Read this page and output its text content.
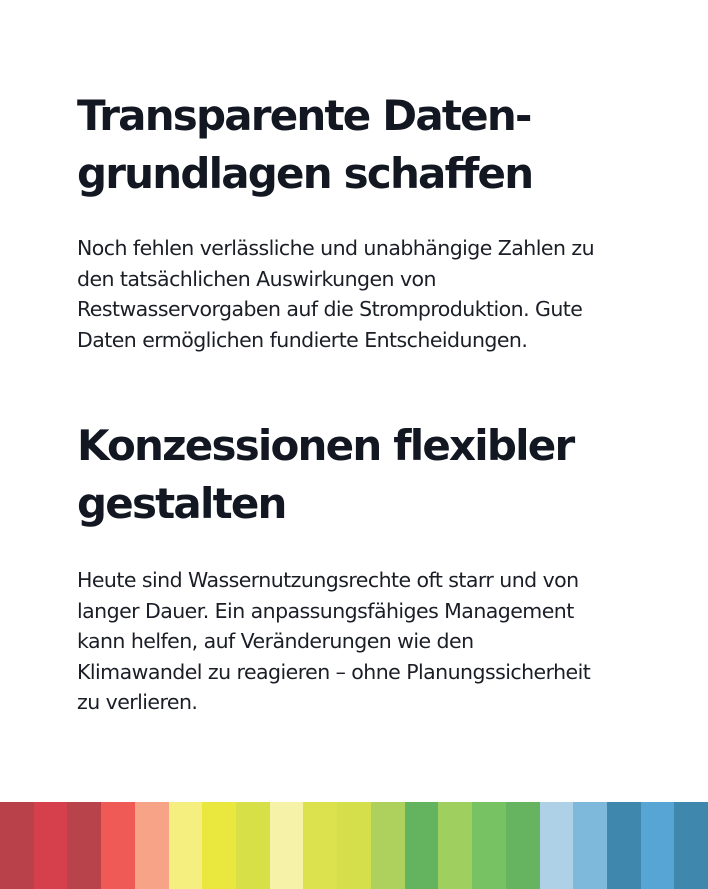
Transparente Daten-
grundlagen schaffen

Noch fehlen verlässliche und unabhängige Zahlen zu
den tatsächlichen Auswirkungen von
Restwasservorgaben auf die Stromproduktion. Gute
Daten ermöglichen fundierte Entscheidungen.

Konzessionen flexibler
gestalten

Heute sind Wassernutzungsrechte oft starr und von
langer Dauer. Ein anpassungsfähiges Management
kann helfen, auf Veränderungen wie den
Klimawandel zu reagieren – ohne Planungssicherheit
zu verlieren.
